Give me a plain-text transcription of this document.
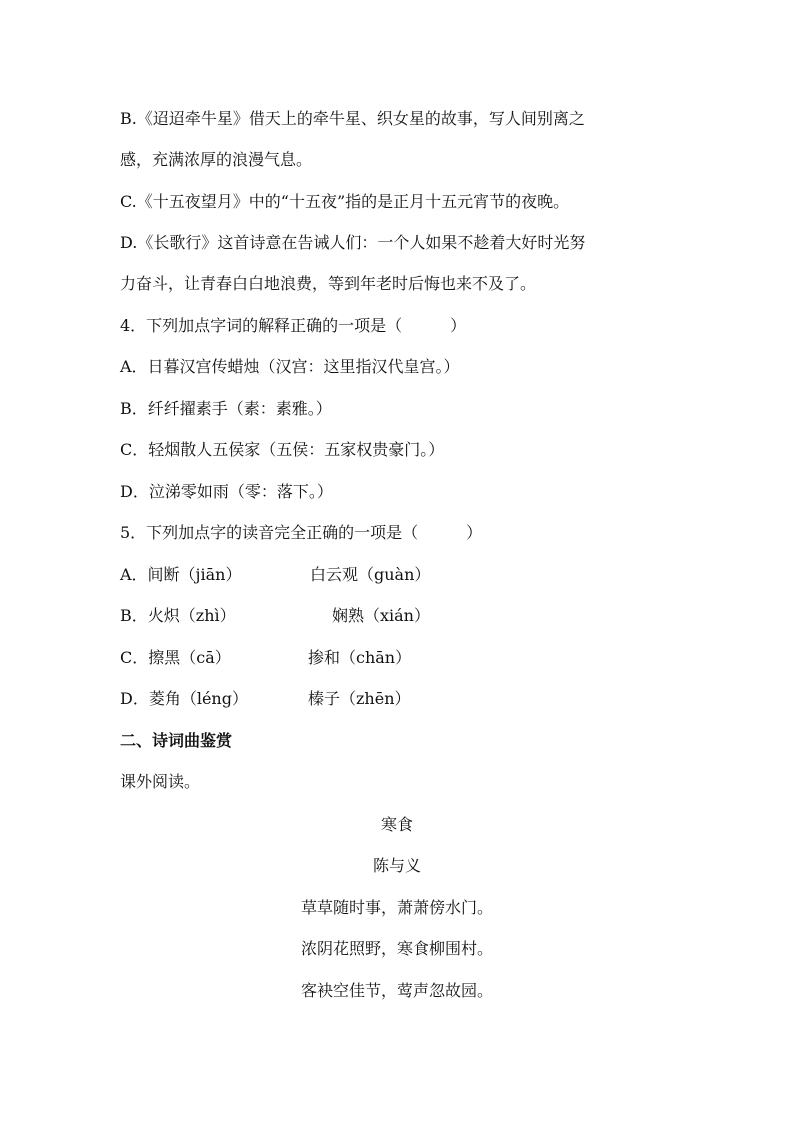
B.《迢迢牵牛星》借天上的牵牛星、织女星的故事，写人间别离之
感，充满浓厚的浪漫气息。
C.《十五夜望月》中的“十五夜”指的是正月十五元宵节的夜晚。
D.《长歌行》这首诗意在告诫人们：一个人如果不趁着大好时光努
力奋斗，让青春白白地浪费，等到年老时后悔也来不及了。
4．下列加点字词的解释正确的一项是（　　　）
A．日暮汉宫传蜡烛（汉宫：这里指汉代皇宫。）
B．纤纤擢素手（素：素雅。）
C．轻烟散人五侯家（五侯：五家权贵豪门。）
D．泣涕零如雨（零：落下。）
5．下列加点字的读音完全正确的一项是（　　　）
A．间断（jiān）	白云观（guàn）
B．火炽（zhì）	娴熟（xián）
C．擦黑（cā）	掺和（chān）
D．菱角（léng）	榛子（zhēn）
二、诗词曲鉴赏
课外阅读。
寒食
陈与义
草草随时事，萧萧傍水门。
浓阴花照野，寒食柳围村。
客袂空佳节，莺声忽故园。
